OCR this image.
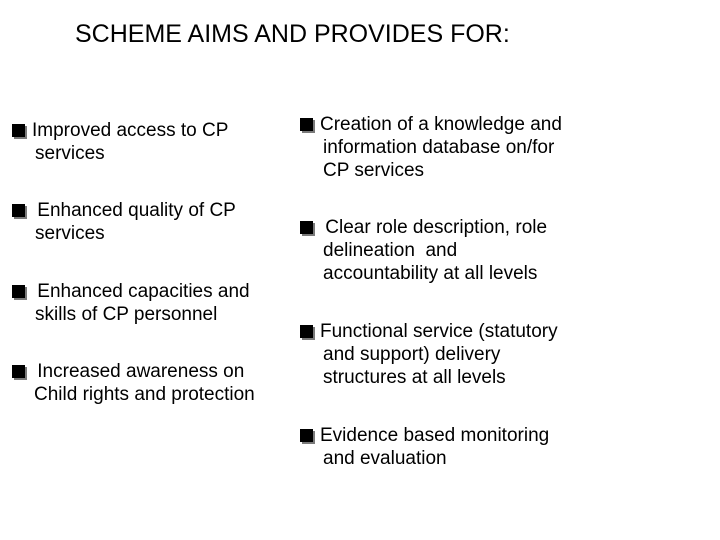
SCHEME AIMS AND PROVIDES FOR:
Improved access to CP
services
Enhanced quality of CP
services
Enhanced capacities and
skills of CP personnel
Increased awareness on
Child rights and protection
Creation of a knowledge and
information database on/for
CP services
Clear role description, role
delineation  and
accountability at all levels
Functional service (statutory
and support) delivery
structures at all levels
Evidence based monitoring
and evaluation
